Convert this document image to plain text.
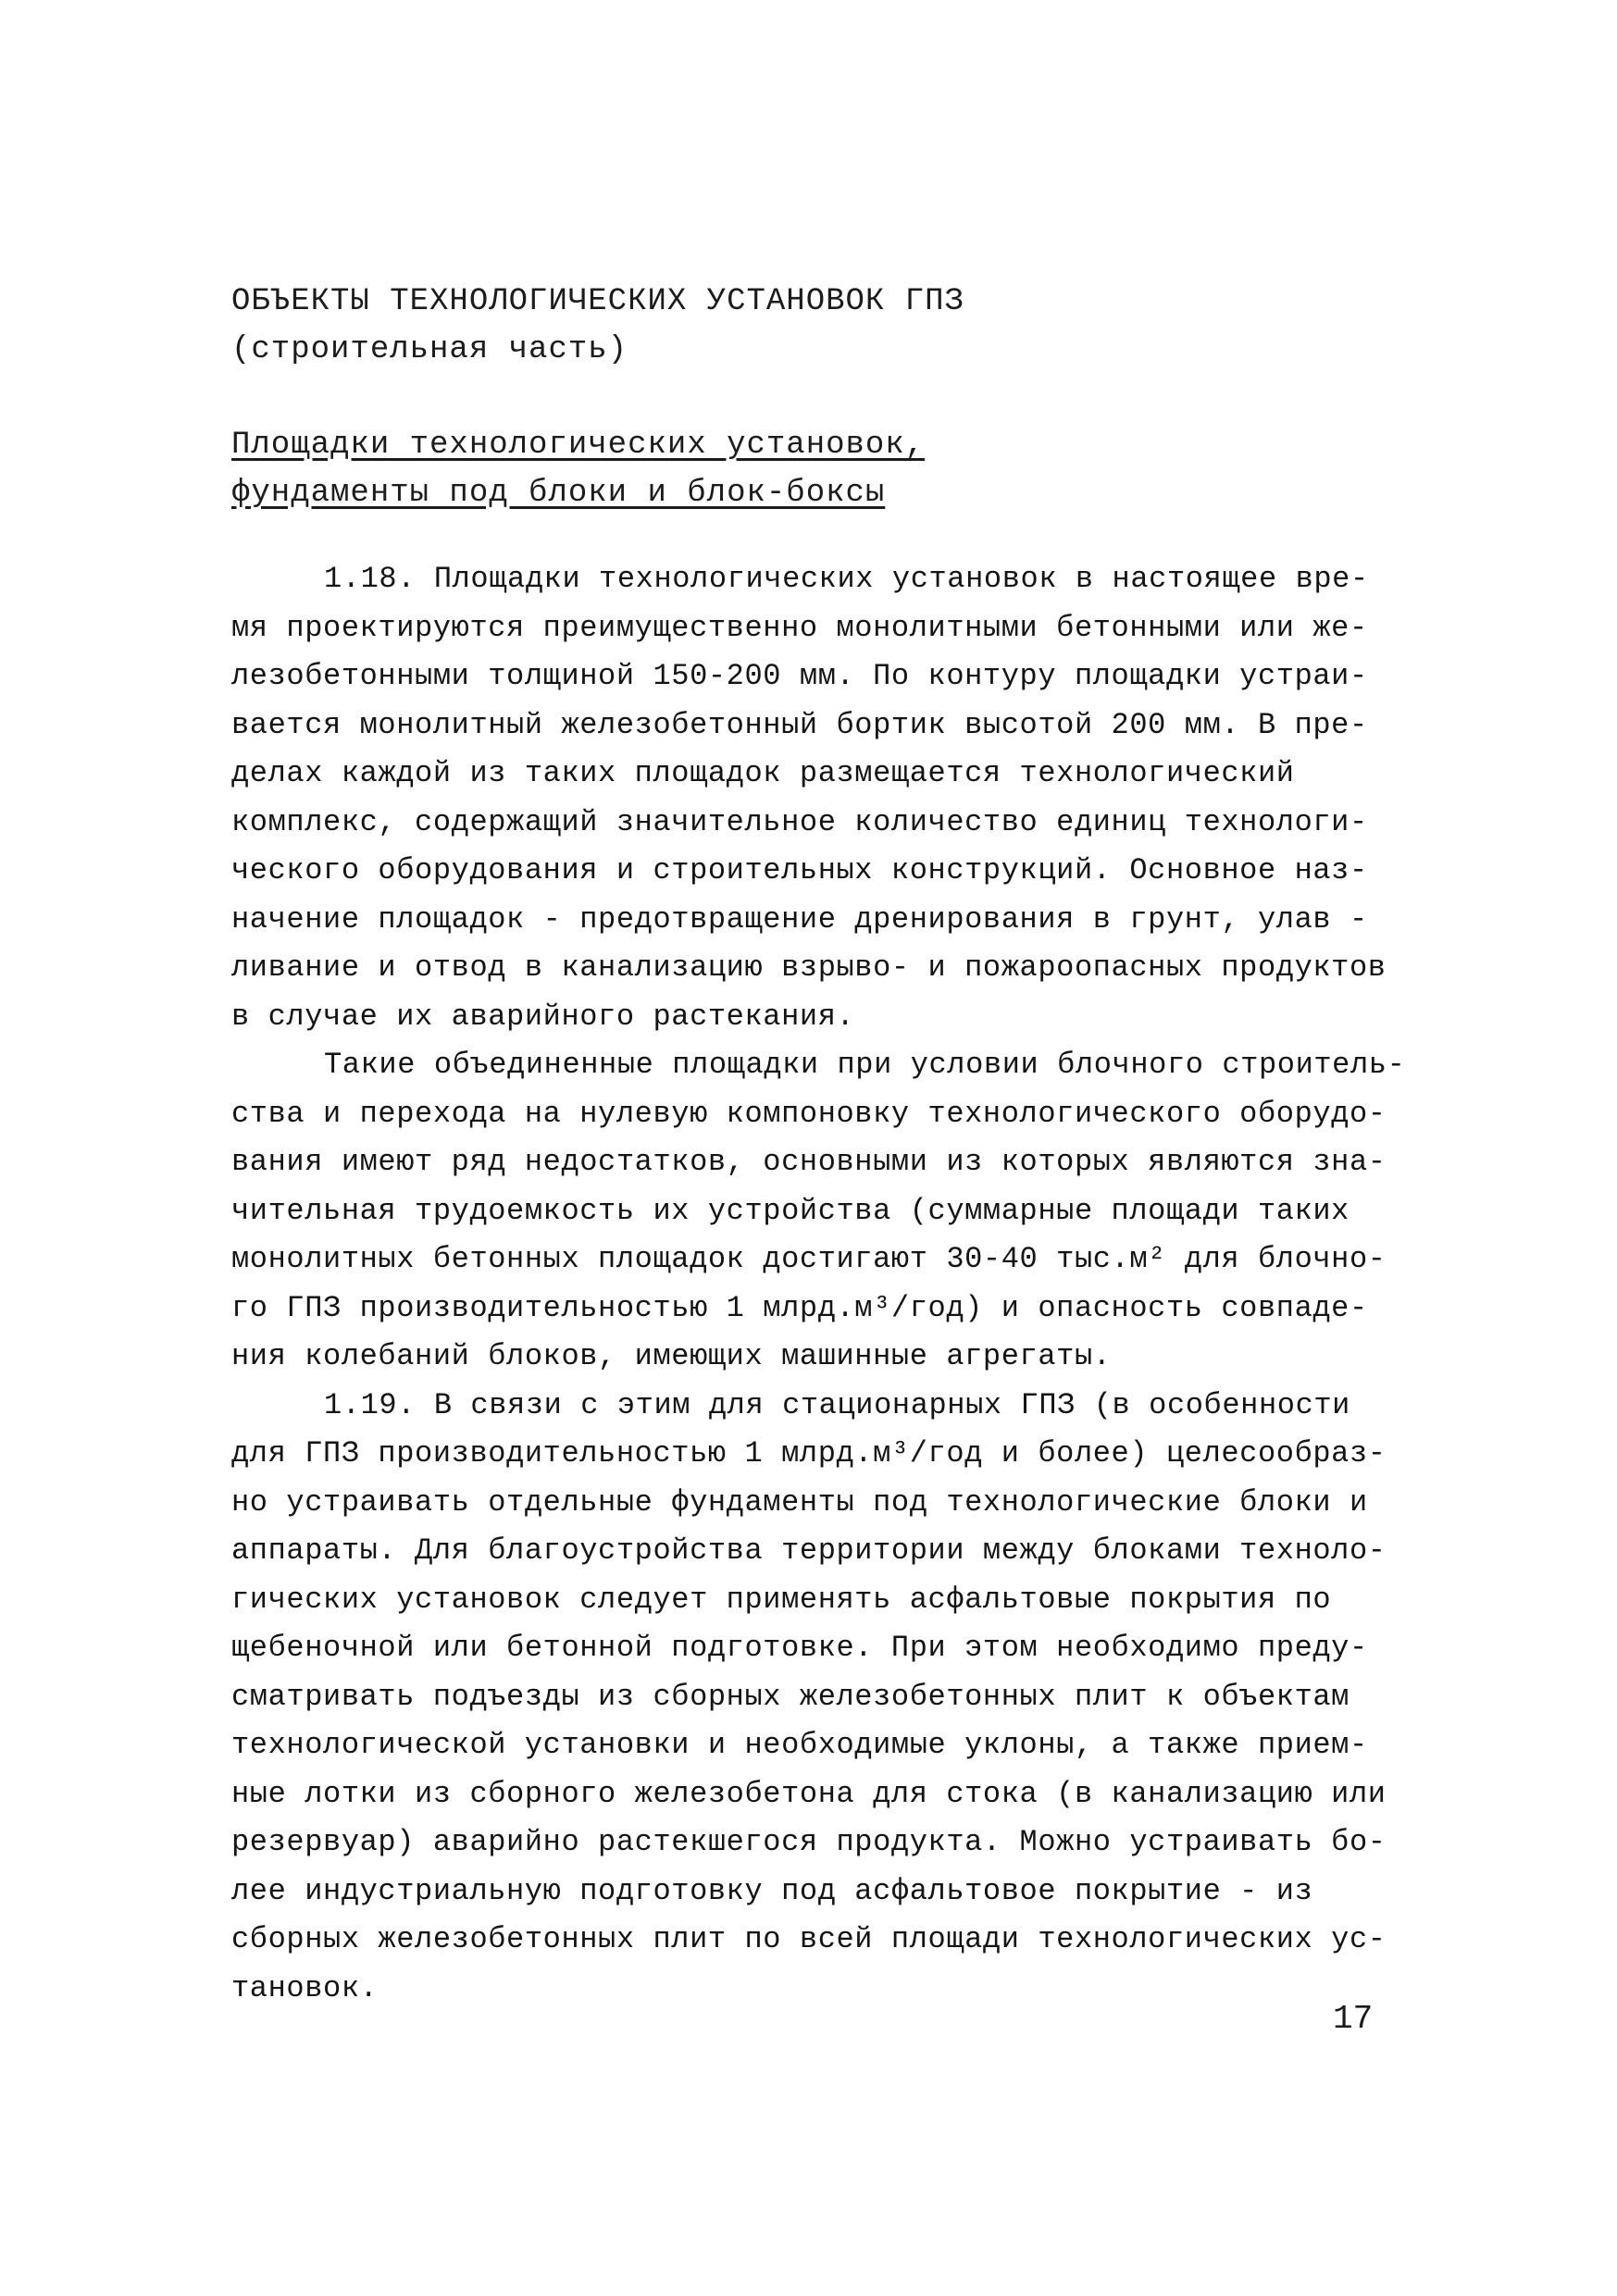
ОБЪЕКТЫ ТЕХНОЛОГИЧЕСКИХ УСТАНОВОК ГПЗ
(строительная часть)
Площадки технологических установок,
фундаменты под блоки и блок-боксы
1.18. Площадки технологических установок в настоящее вре-
мя проектируются преимущественно монолитными бетонными или же-
лезобетонными толщиной 150-200 мм. По контуру площадки устраи-
вается монолитный железобетонный бортик высотой 200 мм. В пре-
делах каждой из таких площадок размещается технологический
комплекс, содержащий значительное количество единиц технологи-
ческого оборудования и строительных конструкций. Основное наз-
начение площадок - предотвращение дренирования в грунт, улав -
ливание и отвод в канализацию взрыво- и пожароопасных продуктов
в случае их аварийного растекания.
Такие объединенные площадки при условии блочного строитель-
ства и перехода на нулевую компоновку технологического оборудо-
вания имеют ряд недостатков, основными из которых являются зна-
чительная трудоемкость их устройства (суммарные площади таких
монолитных бетонных площадок достигают 30-40 тыс.м² для блочно-
го ГПЗ производительностью 1 млрд.м³/год) и опасность совпаде-
ния колебаний блоков, имеющих машинные агрегаты.
1.19. В связи с этим для стационарных ГПЗ (в особенности
для ГПЗ производительностью 1 млрд.м³/год и более) целесообраз-
но устраивать отдельные фундаменты под технологические блоки и
аппараты. Для благоустройства территории между блоками техноло-
гических установок следует применять асфальтовые покрытия по
щебеночной или бетонной подготовке. При этом необходимо преду-
сматривать подъезды из сборных железобетонных плит к объектам
технологической установки и необходимые уклоны, а также прием-
ные лотки из сборного железобетона для стока (в канализацию или
резервуар) аварийно растекшегося продукта. Можно устраивать бо-
лее индустриальную подготовку под асфальтовое покрытие - из
сборных железобетонных плит по всей площади технологических ус-
тановок.
17
